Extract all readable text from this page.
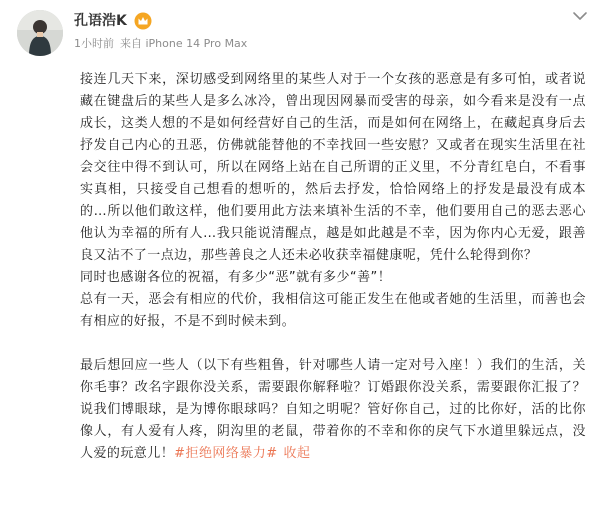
孔语浩K
1小时前 来自 iPhone 14 Pro Max

接连几天下来，深切感受到网络里的某些人对于一个女孩的恶意是有多可怕，或者说藏在键盘后的某些人是多么冰冷，曾出现因网暴而受害的母亲，如今看来是没有一点成长，这类人想的不是如何经营好自己的生活，而是如何在网络上，在藏起真身后去抒发自己内心的丑恶，仿佛就能替他的不幸找回一些安慰？又或者在现实生活里在社会交往中得不到认可，所以在网络上站在自己所谓的正义里，不分青红皂白，不看事实真相，只接受自己想看的想听的，然后去抒发，恰恰网络上的抒发是最没有成本的…所以他们敢这样，他们要用此方法来填补生活的不幸，他们要用自己的恶去恶心他认为幸福的所有人…我只能说清醒点，越是如此越是不幸，因为你内心无爱，跟善良又沾不了一点边，那些善良之人还未必收获幸福健康呢，凭什么轮得到你？

同时也感谢各位的祝福，有多少“恶”就有多少“善”！

总有一天，恶会有相应的代价，我相信这可能正发生在他或者她的生活里，而善也会有相应的好报，不是不到时候未到。

最后想回应一些人（以下有些粗鲁，针对哪些人请一定对号入座！）我们的生活，关你毛事？改名字跟你没关系，需要跟你解释啦？订婚跟你没关系，需要跟你汇报了？说我们博眼球，是为博你眼球吗？自知之明呢？管好你自己，过的比你好，活的比你像人，有人爱有人疼，阴沟里的老鼠，带着你的不幸和你的戾气下水道里躲远点，没人爱的玩意儿！#拒绝网络暴力# 收起
